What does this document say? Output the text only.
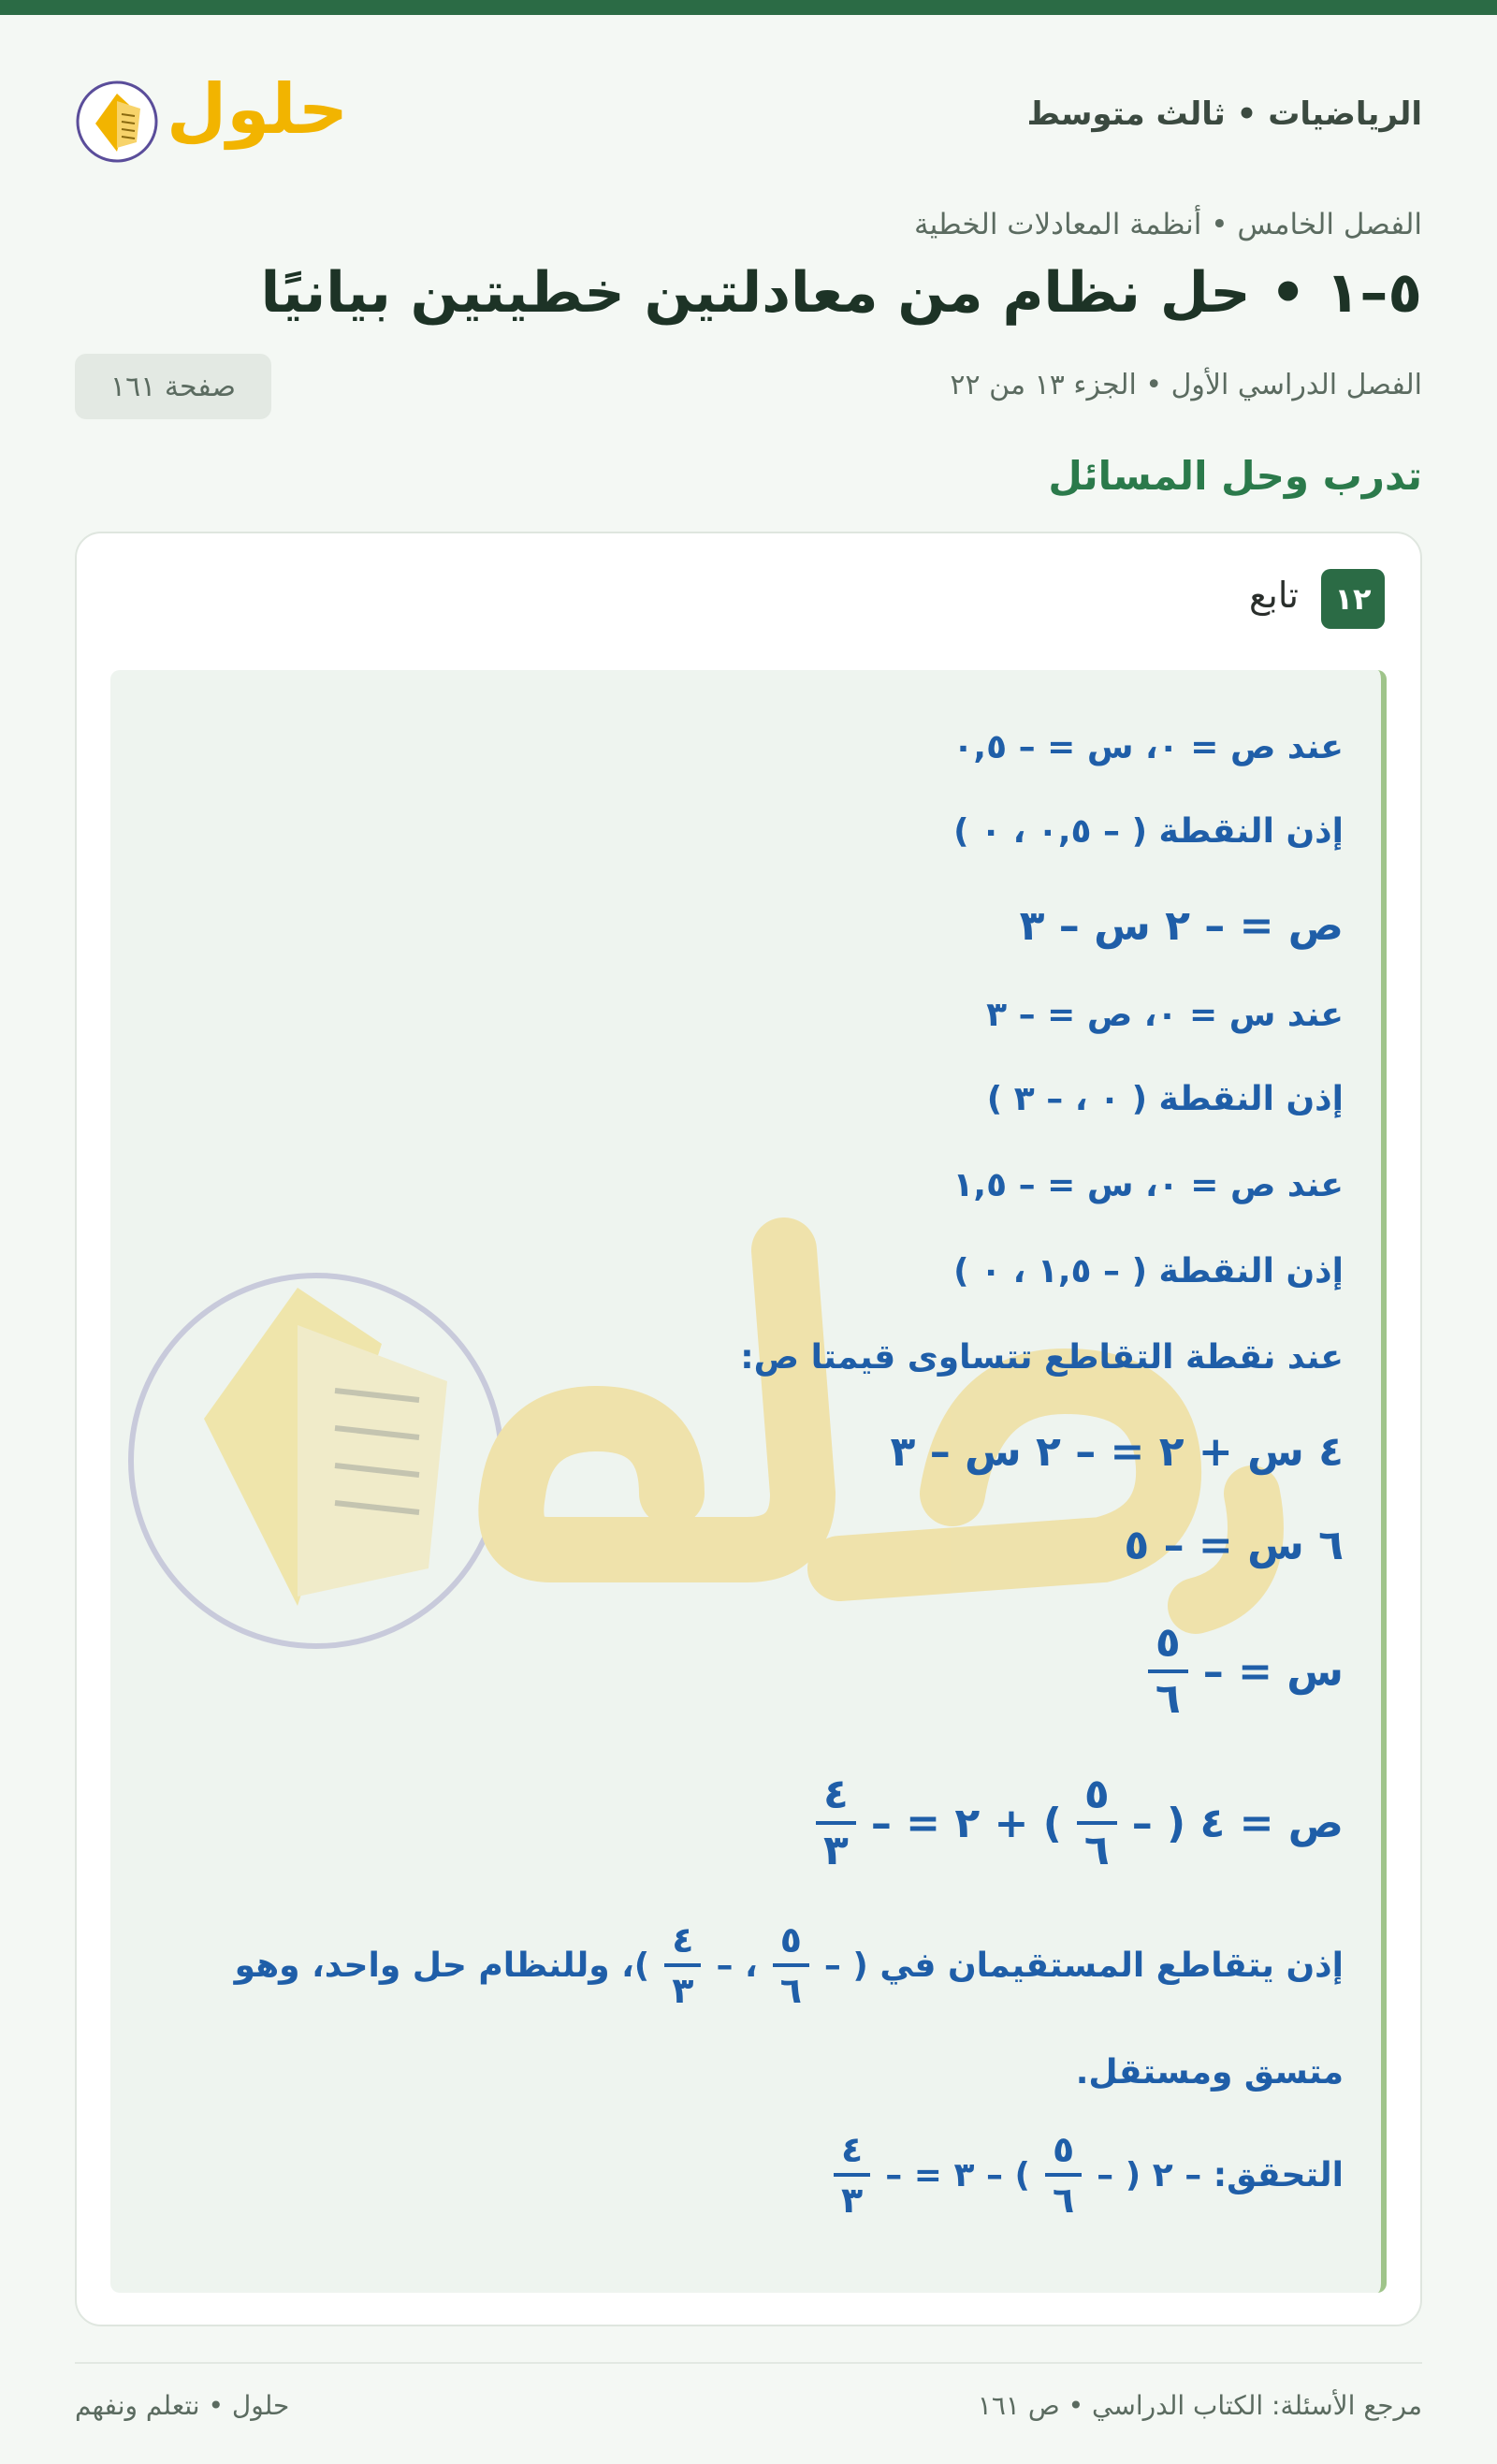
الرياضيات • ثالث متوسط
حلول
الفصل الخامس • أنظمة المعادلات الخطية
٥–١ • حل نظام من معادلتين خطيتين بيانيًا
الفصل الدراسي الأول • الجزء ١٣ من ٢٢
صفحة ١٦١
تدرب وحل المسائل
١٢
تابع
عند ص = ٠، س = – ٠,٥
إذن النقطة ( – ٠,٥ ، ٠ )
ص = – ٢ س – ٣
عند س = ٠، ص = – ٣
إذن النقطة ( ٠ ، – ٣ )
عند ص = ٠، س = – ١,٥
إذن النقطة ( – ١,٥ ، ٠ )
عند نقطة التقاطع تتساوى قيمتا ص:
٤ س + ٢ = – ٢ س – ٣
٦ س = – ٥
س = –
$\frac{٥}{٦}$
ص = ٤ ( –
$\frac{٥}{٦}$
) + ٢ = –
$\frac{٤}{٣}$
إذن يتقاطع المستقيمان في ( –
$\frac{٥}{٦}$
، –
$\frac{٤}{٣}$
)، وللنظام حل واحد، وهو
متسق ومستقل.
التحقق: – ٢ ( –
$\frac{٥}{٦}$
) – ٣ = –
$\frac{٤}{٣}$
مرجع الأسئلة: الكتاب الدراسي • ص ١٦١
حلول • نتعلم ونفهم
